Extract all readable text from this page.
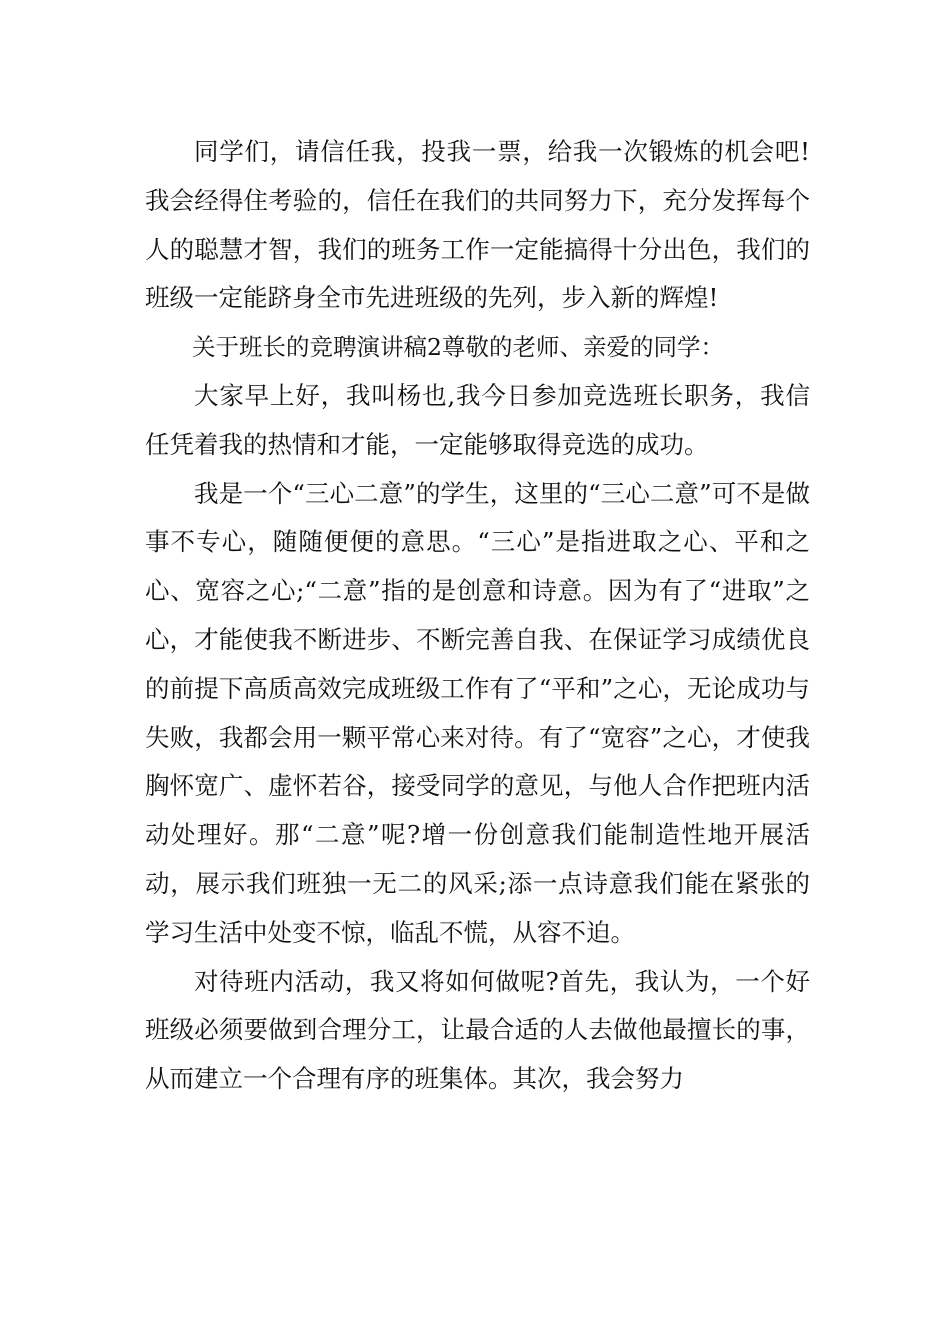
同学们，请信任我，投我一票，给我一次锻炼的机会吧!我会经得住考验的，信任在我们的共同努力下，充分发挥每个人的聪慧才智，我们的班务工作一定能搞得十分出色，我们的班级一定能跻身全市先进班级的先列，步入新的辉煌!

关于班长的竞聘演讲稿2尊敬的老师、亲爱的同学：

大家早上好，我叫杨也,我今日参加竞选班长职务，我信任凭着我的热情和才能，一定能够取得竞选的成功。

我是一个“三心二意”的学生，这里的“三心二意”可不是做事不专心，随随便便的意思。“三心”是指进取之心、平和之心、宽容之心;“二意”指的是创意和诗意。因为有了“进取”之心，才能使我不断进步、不断完善自我、在保证学习成绩优良的前提下高质高效完成班级工作有了“平和”之心，无论成功与失败，我都会用一颗平常心来对待。有了“宽容”之心，才使我胸怀宽广、虚怀若谷，接受同学的意见，与他人合作把班内活动处理好。那“二意”呢?增一份创意我们能制造性地开展活动，展示我们班独一无二的风采;添一点诗意我们能在紧张的学习生活中处变不惊，临乱不慌，从容不迫。

对待班内活动，我又将如何做呢?首先，我认为，一个好班级必须要做到合理分工，让最合适的人去做他最擅长的事，从而建立一个合理有序的班集体。其次，我会努力
